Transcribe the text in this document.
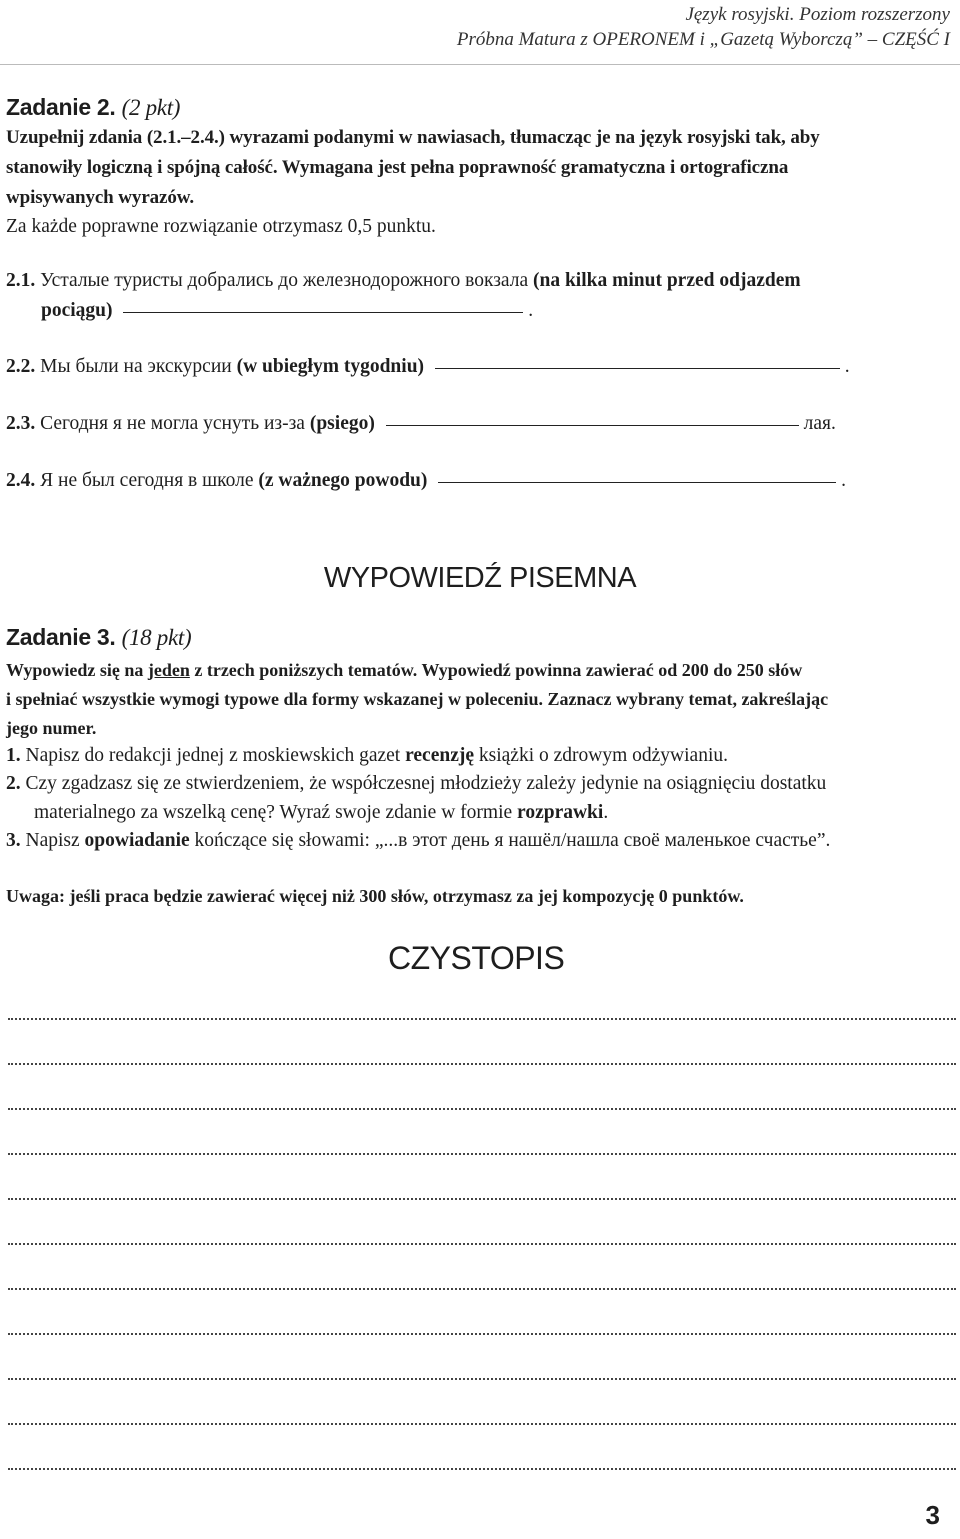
Język rosyjski. Poziom rozszerzony
Próbna Matura z OPERONEM i „Gazetą Wyborczą” – CZĘŚĆ I
Zadanie 2. (2 pkt)
Uzupełnij zdania (2.1.–2.4.) wyrazami podanymi w nawiasach, tłumacząc je na język rosyjski tak, aby
stanowiły logiczną i spójną całość. Wymagana jest pełna poprawność gramatyczna i ortograficzna
wpisywanych wyrazów.
Za każde poprawne rozwiązanie otrzymasz 0,5 punktu.
2.1. Усталые туристы добрались до железнодорожного вокзала (na kilka minut przed odjazdem
pociągu)	.
2.2. Мы были на экскурсии (w ubiegłym tygodniu)	.
2.3. Сегодня я не могла уснуть из-за (psiego)	лая.
2.4. Я не был сегодня в школе (z ważnego powodu)	.
WYPOWIEDŹ PISEMNA
Zadanie 3. (18 pkt)
Wypowiedz się na jeden z trzech poniższych tematów. Wypowiedź powinna zawierać od 200 do 250 słów
i spełniać wszystkie wymogi typowe dla formy wskazanej w poleceniu. Zaznacz wybrany temat, zakreślając
jego numer.
1. Napisz do redakcji jednej z moskiewskich gazet recenzję książki o zdrowym odżywianiu.
2. Czy zgadzasz się ze stwierdzeniem, że współczesnej młodzieży zależy jedynie na osiągnięciu dostatku
materialnego za wszelką cenę? Wyraź swoje zdanie w formie rozprawki.
3. Napisz opowiadanie kończące się słowami: „...в этот день я нашёл/нашла своё маленькое счастье”.
Uwaga: jeśli praca będzie zawierać więcej niż 300 słów, otrzymasz za jej kompozycję 0 punktów.
CZYSTOPIS
3
